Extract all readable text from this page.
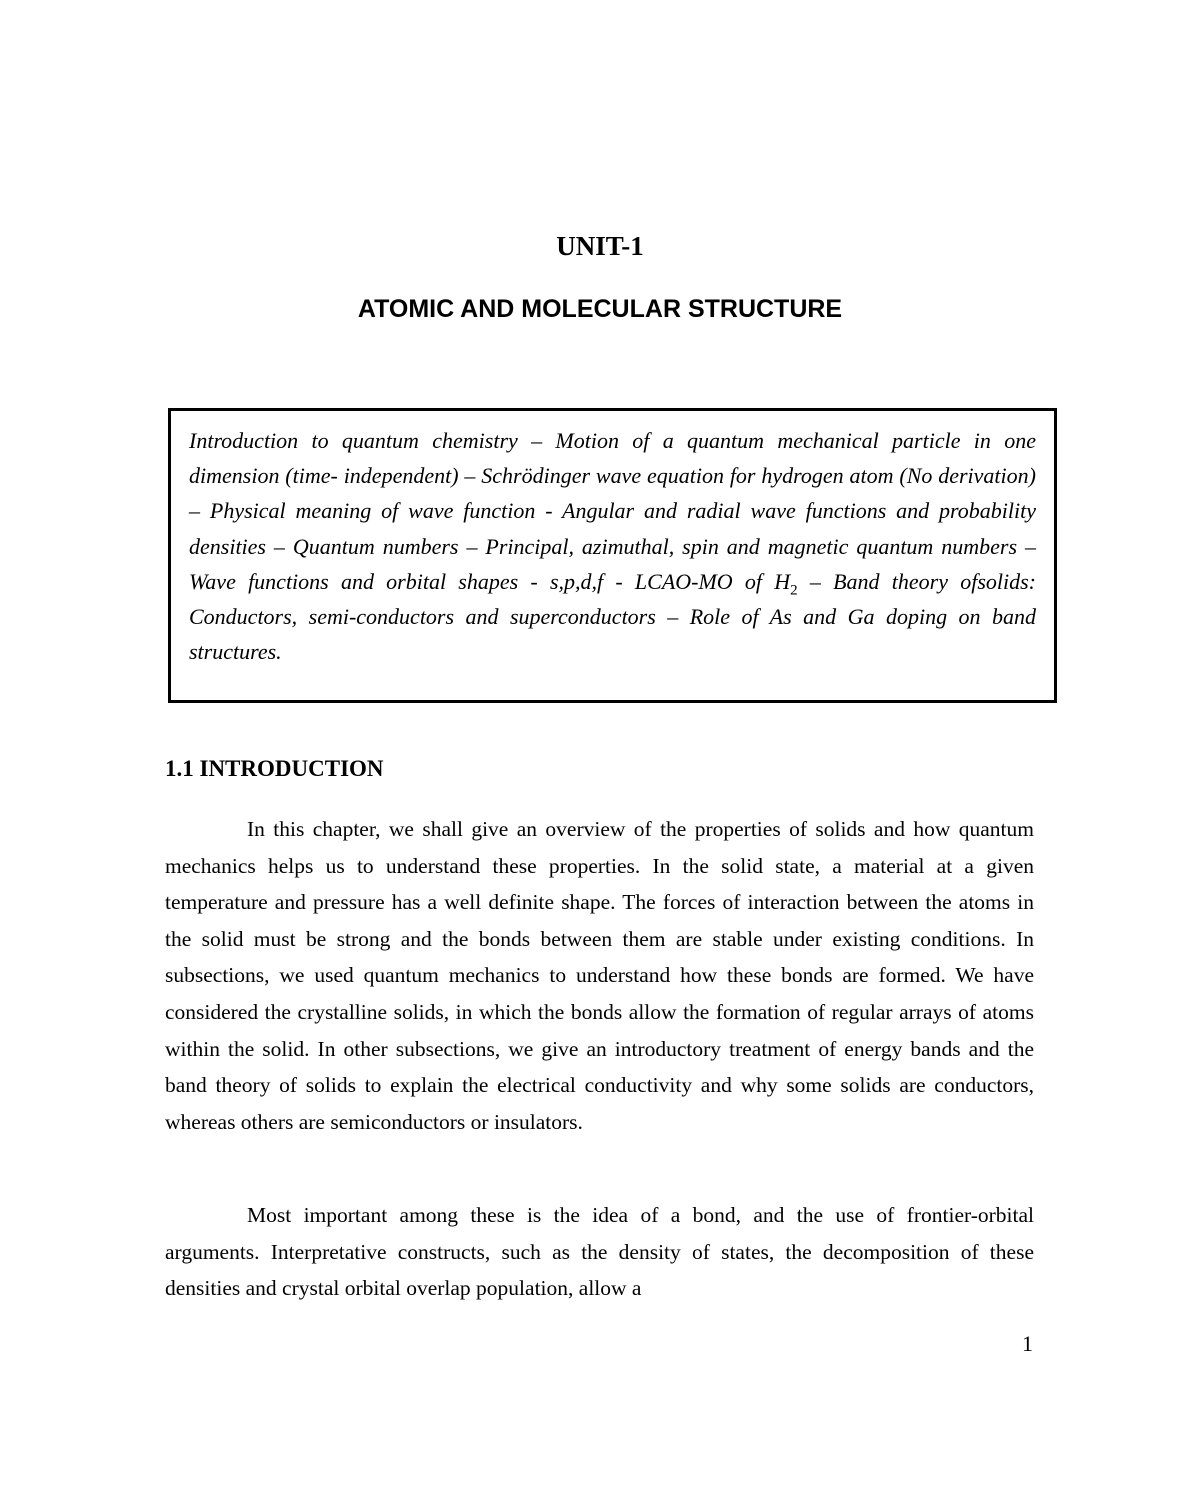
UNIT-1
ATOMIC AND MOLECULAR STRUCTURE

Introduction to quantum chemistry – Motion of a quantum mechanical particle in one dimension (time- independent) – Schrödinger wave equation for hydrogen atom (No derivation) – Physical meaning of wave function - Angular and radial wave functions and probability densities – Quantum numbers – Principal, azimuthal, spin and magnetic quantum numbers – Wave functions and orbital shapes - s,p,d,f - LCAO-MO of $H_2$ – Band theory ofsolids: Conductors, semi-conductors and superconductors – Role of As and Ga doping on band structures.

1.1 INTRODUCTION

In this chapter, we shall give an overview of the properties of solids and how quantum mechanics helps us to understand these properties. In the solid state, a material at a given temperature and pressure has a well definite shape. The forces of interaction between the atoms in the solid must be strong and the bonds between them are stable under existing conditions. In subsections, we used quantum mechanics to understand how these bonds are formed. We have considered the crystalline solids, in which the bonds allow the formation of regular arrays of atoms within the solid. In other subsections, we give an introductory treatment of energy bands and the band theory of solids to explain the electrical conductivity and why some solids are conductors, whereas others are semiconductors or insulators.

Most important among these is the idea of a bond, and the use of frontier-orbital arguments. Interpretative constructs, such as the density of states, the decomposition of these densities and crystal orbital overlap population, allow a

1
